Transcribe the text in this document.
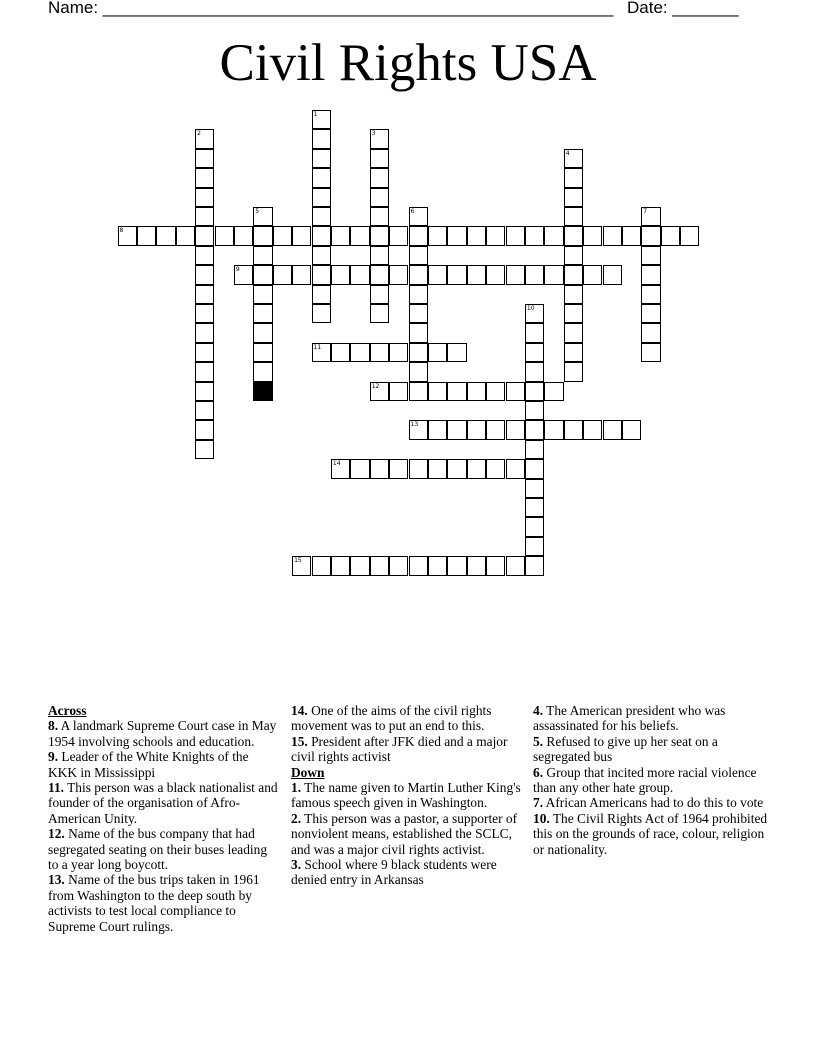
Name: ______________________________________________________ Date: _______
Civil Rights USA
1
2	3
4
5	6	7
8
9
10
11
12
13
14
15
Across
8. A landmark Supreme Court case in May 1954 involving schools and education.
9. Leader of the White Knights of the KKK in Mississippi
11. This person was a black nationalist and founder of the organisation of Afro-American Unity.
12. Name of the bus company that had segregated seating on their buses leading to a year long boycott.
13. Name of the bus trips taken in 1961 from Washington to the deep south by activists to test local compliance to Supreme Court rulings.
14. One of the aims of the civil rights movement was to put an end to this.
15. President after JFK died and a major civil rights activist
Down
1. The name given to Martin Luther King's famous speech given in Washington.
2. This person was a pastor, a supporter of nonviolent means, established the SCLC, and was a major civil rights activist.
3. School where 9 black students were denied entry in Arkansas
4. The American president who was assassinated for his beliefs.
5. Refused to give up her seat on a segregated bus
6. Group that incited more racial violence than any other hate group.
7. African Americans had to do this to vote
10. The Civil Rights Act of 1964 prohibited this on the grounds of race, colour, religion or nationality.
